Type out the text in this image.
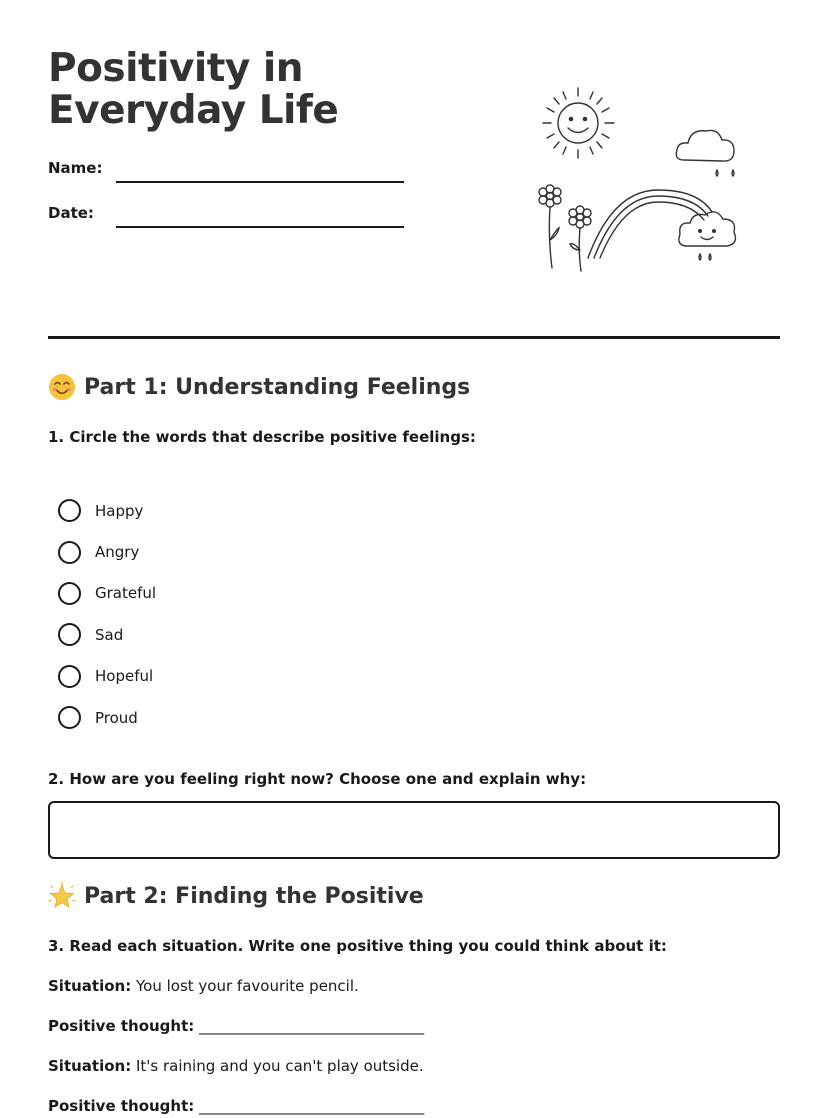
Positivity in Everyday Life
Name:
Date:
Part 1: Understanding Feelings
1. Circle the words that describe positive feelings:
Happy
Angry
Grateful
Sad
Hopeful
Proud
2. How are you feeling right now? Choose one and explain why:
Part 2: Finding the Positive
3. Read each situation. Write one positive thing you could think about it:
Situation: You lost your favourite pencil.
Positive thought: ______________________________
Situation: It's raining and you can't play outside.
Positive thought: ______________________________
